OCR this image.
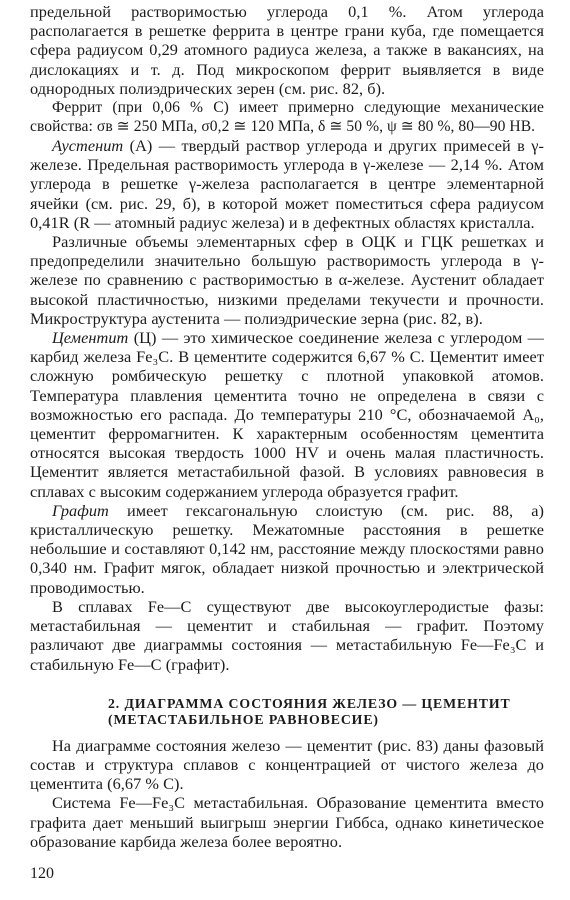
предельной растворимостью углерода 0,1 %. Атом углерода располагается в решетке феррита в центре грани куба, где помещается сфера радиусом 0,29 атомного радиуса железа, а также в вакансиях, на дислокациях и т. д. Под микроскопом феррит выявляется в виде однородных полиэдрических зерен (см. рис. 82, б).

Феррит (при 0,06 % С) имеет примерно следующие механические свойства: σв ≅ 250 МПа, σ0,2 ≅ 120 МПа, δ ≅ 50 %, ψ ≅ 80 %, 80—90 НВ.

Аустенит (А) — твердый раствор углерода и других примесей в γ-железе. Предельная растворимость углерода в γ-железе — 2,14 %. Атом углерода в решетке γ-железа располагается в центре элементарной ячейки (см. рис. 29, б), в которой может поместиться сфера радиусом 0,41R (R — атомный радиус железа) и в дефектных областях кристалла.

Различные объемы элементарных сфер в ОЦК и ГЦК решетках и предопределили значительно большую растворимость углерода в γ-железе по сравнению с растворимостью в α-железе. Аустенит обладает высокой пластичностью, низкими пределами текучести и прочности. Микроструктура аустенита — полиэдрические зерна (рис. 82, в).

Цементит (Ц) — это химическое соединение железа с углеродом — карбид железа Fe₃C. В цементите содержится 6,67 % С. Цементит имеет сложную ромбическую решетку с плотной упаковкой атомов. Температура плавления цементита точно не определена в связи с возможностью его распада. До температуры 210 °С, обозначаемой A₀, цементит ферромагнитен. К характерным особенностям цементита относятся высокая твердость 1000 HV и очень малая пластичность. Цементит является метастабильной фазой. В условиях равновесия в сплавах с высоким содержанием углерода образуется графит.

Графит имеет гексагональную слоистую (см. рис. 88, а) кристаллическую решетку. Межатомные расстояния в решетке небольшие и составляют 0,142 нм, расстояние между плоскостями равно 0,340 нм. Графит мягок, обладает низкой прочностью и электрической проводимостью.

В сплавах Fe—С существуют две высокоуглеродистые фазы: метастабильная — цементит и стабильная — графит. Поэтому различают две диаграммы состояния — метастабильную Fe—Fe₃C и стабильную Fe—C (графит).

2. ДИАГРАММА СОСТОЯНИЯ ЖЕЛЕЗО — ЦЕМЕНТИТ
(МЕТАСТАБИЛЬНОЕ РАВНОВЕСИЕ)

На диаграмме состояния железо — цементит (рис. 83) даны фазовый состав и структура сплавов с концентрацией от чистого железа до цементита (6,67 % С).

Система Fe—Fe₃C метастабильная. Образование цементита вместо графита дает меньший выигрыш энергии Гиббса, однако кинетическое образование карбида железа более вероятно.

120
